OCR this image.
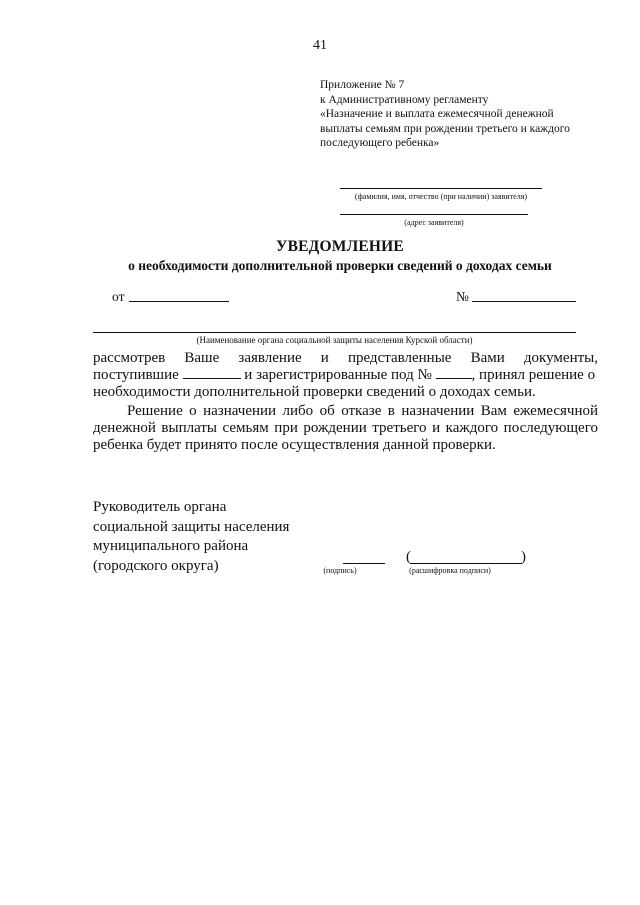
41
Приложение № 7
к Административному регламенту
«Назначение и выплата ежемесячной денежной
выплаты семьям при рождении третьего и каждого
последующего ребенка»
(фамилия, имя, отчество (при наличии) заявителя)
(адрес заявителя)
УВЕДОМЛЕНИЕ
о необходимости дополнительной проверки сведений о доходах семьи
от	№
(Наименование органа социальной защиты населения Курской области)
рассмотрев Ваше заявление и представленные Вами документы,
поступившие	и зарегистрированные под №	, принял решение о
необходимости дополнительной проверки сведений о доходах семьи.
Решение о назначении либо об отказе в назначении Вам ежемесячной
денежной выплаты семьям при рождении третьего и каждого последующего
ребенка будет принято после осуществления данной проверки.
Руководитель органа
социальной защиты населения
муниципального района
(городского округа)	(подпись)
(	)
(расшифровка подписи)
